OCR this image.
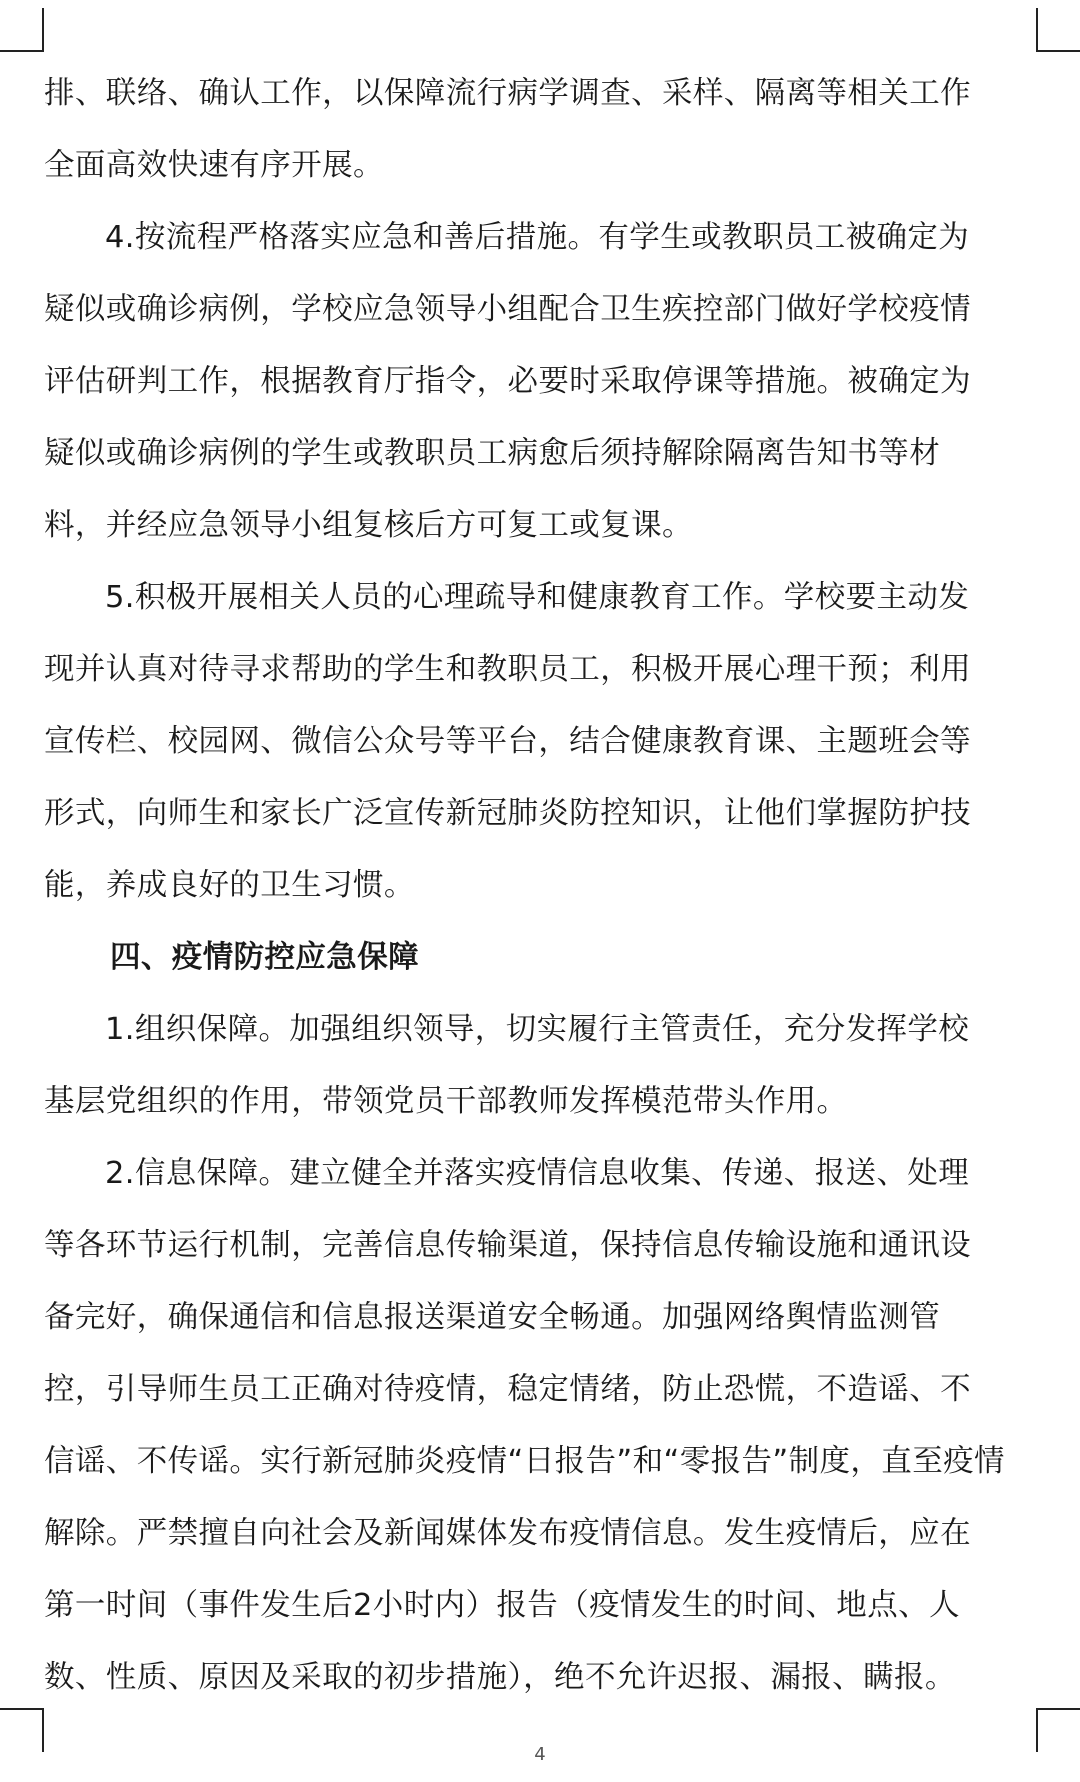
排、联络、确认工作，以保障流行病学调查、采样、隔离等相关工作
全面高效快速有序开展。
4.按流程严格落实应急和善后措施。有学生或教职员工被确定为
疑似或确诊病例，学校应急领导小组配合卫生疾控部门做好学校疫情
评估研判工作，根据教育厅指令，必要时采取停课等措施。被确定为
疑似或确诊病例的学生或教职员工病愈后须持解除隔离告知书等材
料，并经应急领导小组复核后方可复工或复课。
5.积极开展相关人员的心理疏导和健康教育工作。学校要主动发
现并认真对待寻求帮助的学生和教职员工，积极开展心理干预；利用
宣传栏、校园网、微信公众号等平台，结合健康教育课、主题班会等
形式，向师生和家长广泛宣传新冠肺炎防控知识，让他们掌握防护技
能，养成良好的卫生习惯。
四、疫情防控应急保障
1.组织保障。加强组织领导，切实履行主管责任，充分发挥学校
基层党组织的作用，带领党员干部教师发挥模范带头作用。
2.信息保障。建立健全并落实疫情信息收集、传递、报送、处理
等各环节运行机制，完善信息传输渠道，保持信息传输设施和通讯设
备完好，确保通信和信息报送渠道安全畅通。加强网络舆情监测管
控，引导师生员工正确对待疫情，稳定情绪，防止恐慌，不造谣、不
信谣、不传谣。实行新冠肺炎疫情“日报告”和“零报告”制度，直至疫情
解除。严禁擅自向社会及新闻媒体发布疫情信息。发生疫情后，应在
第一时间（事件发生后2小时内）报告（疫情发生的时间、地点、人
数、性质、原因及采取的初步措施），绝不允许迟报、漏报、瞒报。
4
